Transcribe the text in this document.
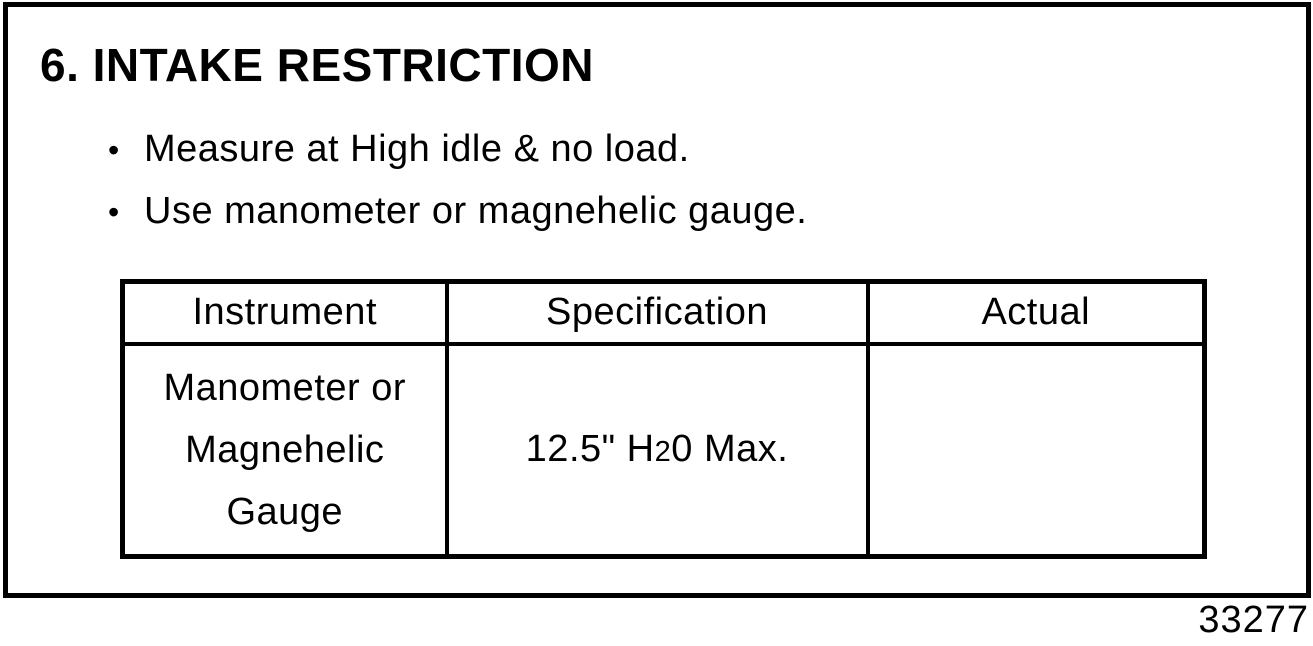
6. INTAKE RESTRICTION
• Measure at High idle & no load.
• Use manometer or magnehelic gauge.
Instrument	Specification	Actual

Manometer or
Magnehelic
Gauge	12.5" H20 Max.	
33277
